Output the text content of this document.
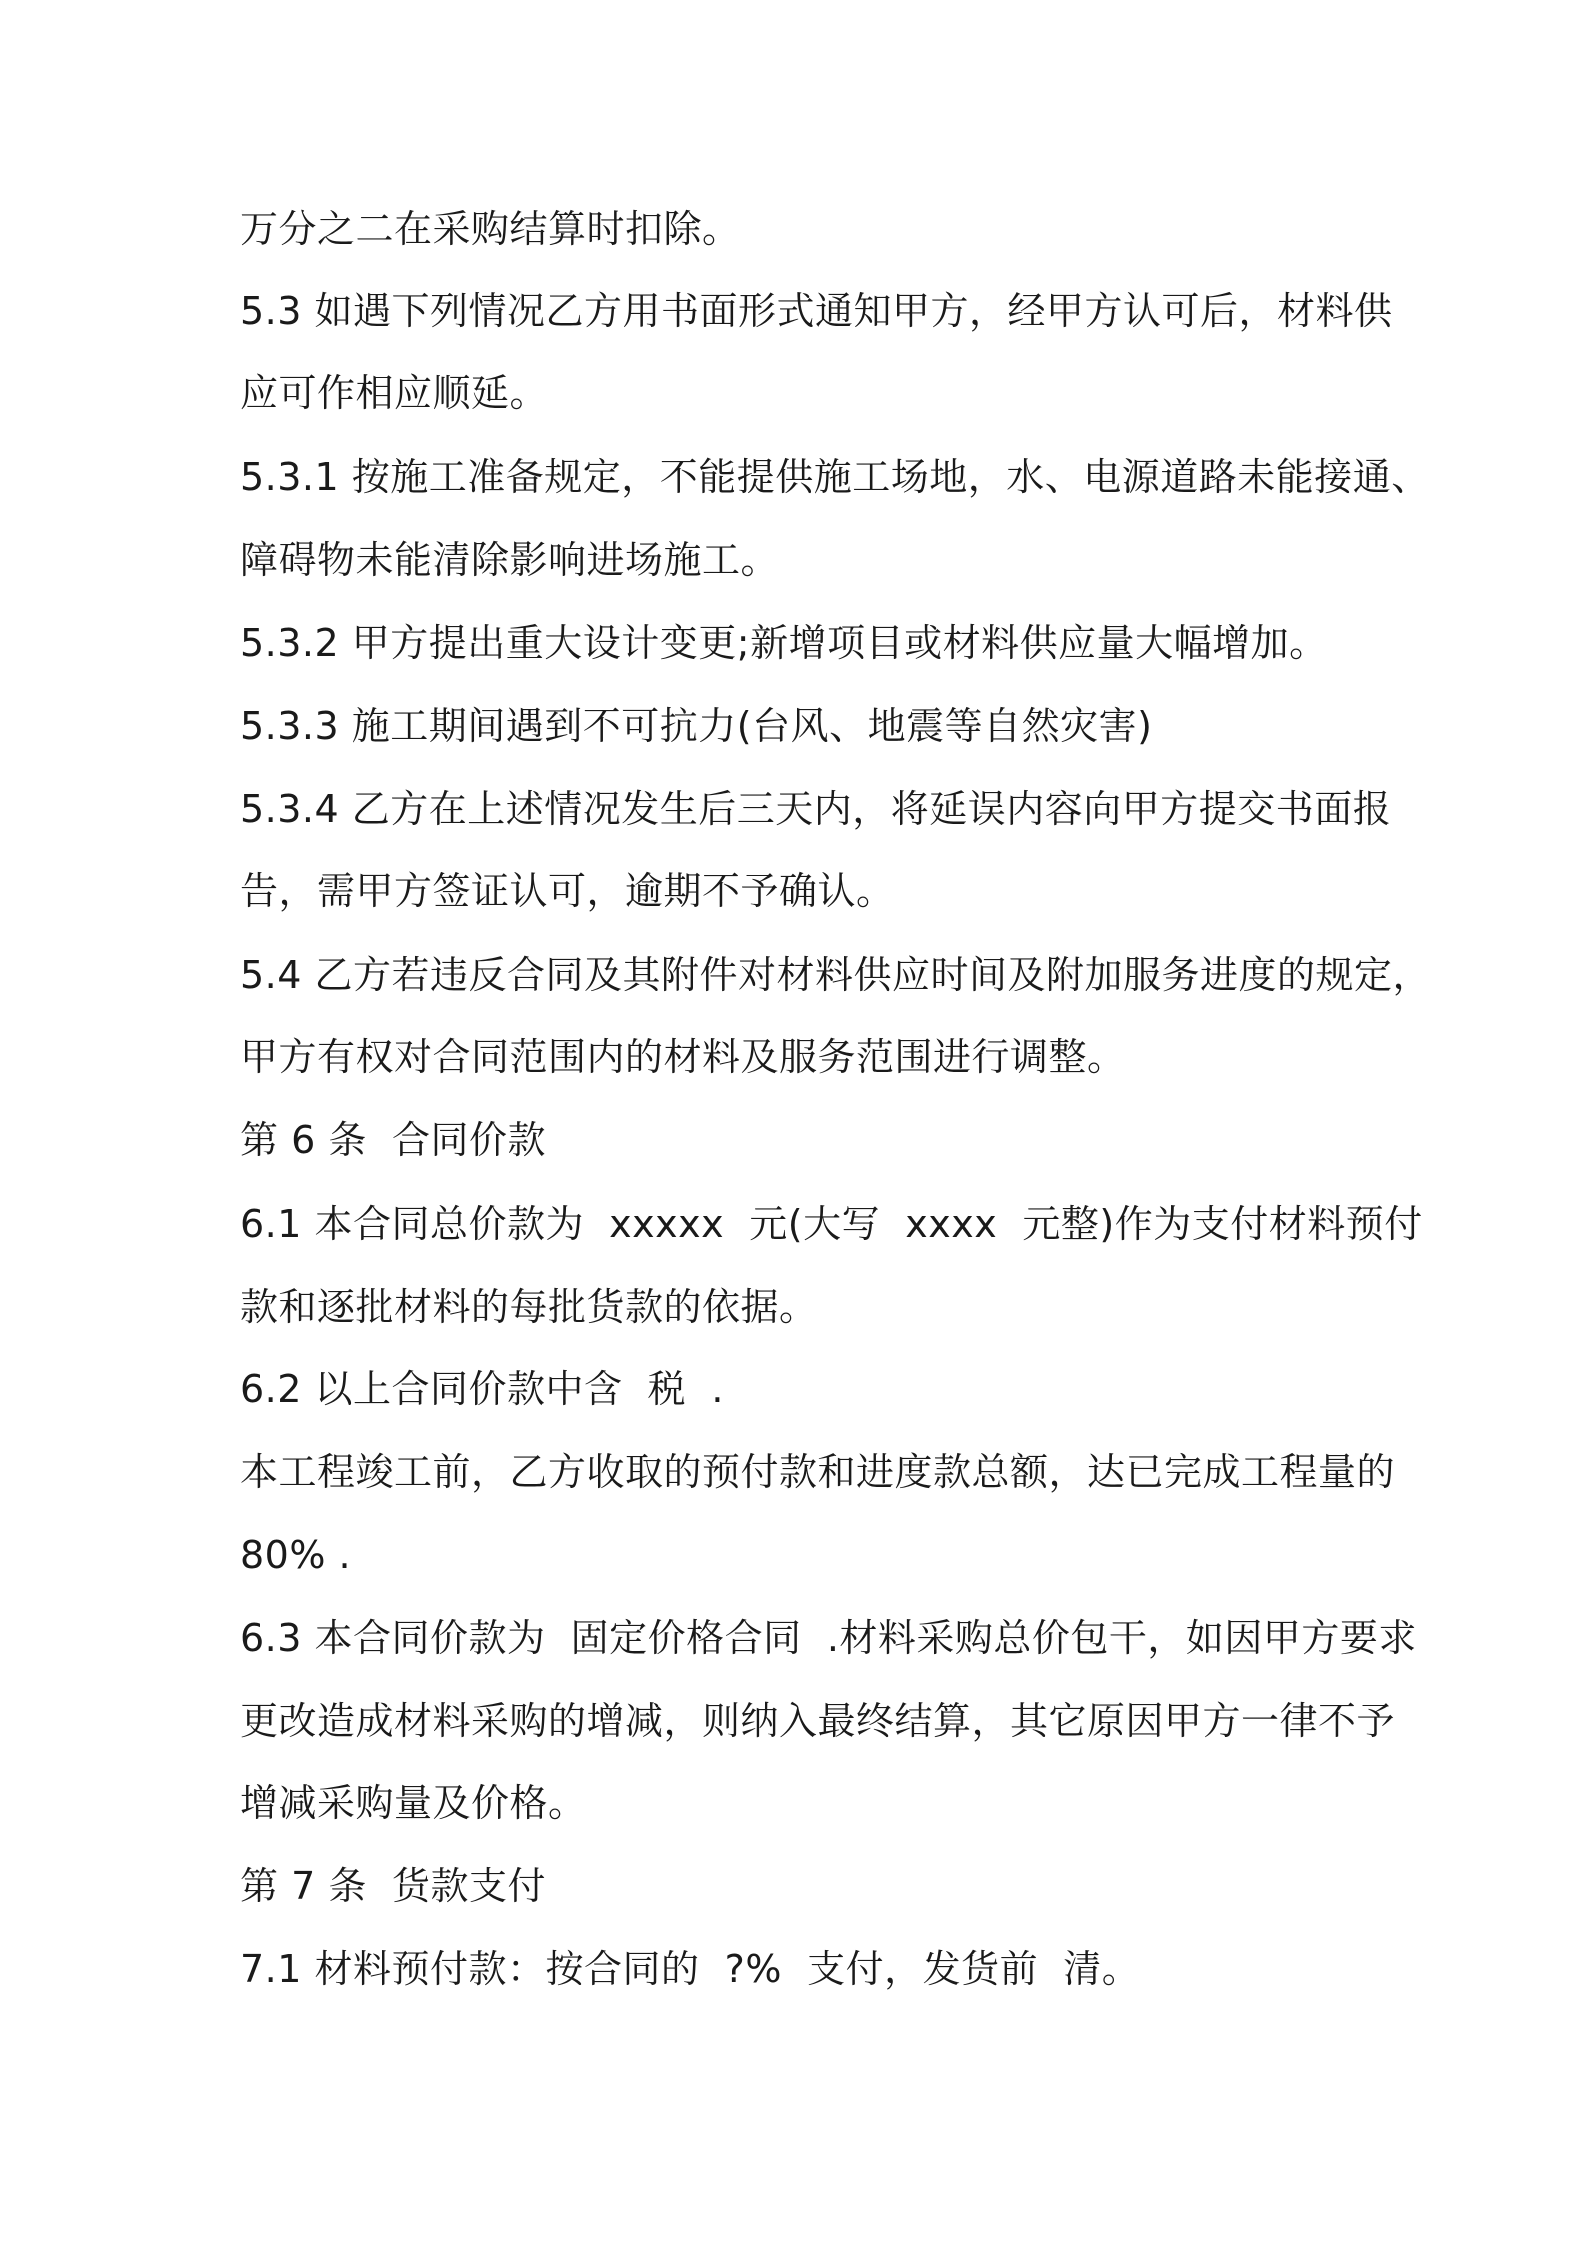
万分之二在采购结算时扣除。
5.3 如遇下列情况乙方用书面形式通知甲方，经甲方认可后，材料供
应可作相应顺延。
5.3.1 按施工准备规定，不能提供施工场地，水、电源道路未能接通、
障碍物未能清除影响进场施工。
5.3.2 甲方提出重大设计变更;新增项目或材料供应量大幅增加。
5.3.3 施工期间遇到不可抗力(台风、地震等自然灾害)
5.3.4 乙方在上述情况发生后三天内，将延误内容向甲方提交书面报
告，需甲方签证认可，逾期不予确认。
5.4 乙方若违反合同及其附件对材料供应时间及附加服务进度的规定，
甲方有权对合同范围内的材料及服务范围进行调整。
第 6 条  合同价款
6.1 本合同总价款为  xxxxx  元(大写  xxxx  元整)作为支付材料预付
款和逐批材料的每批货款的依据。
6.2 以上合同价款中含  税  .
本工程竣工前，乙方收取的预付款和进度款总额，达已完成工程量的
80% .
6.3 本合同价款为  固定价格合同  .材料采购总价包干，如因甲方要求
更改造成材料采购的增减，则纳入最终结算，其它原因甲方一律不予
增减采购量及价格。
第 7 条  货款支付
7.1 材料预付款：按合同的  ?%  支付，发货前  清。
